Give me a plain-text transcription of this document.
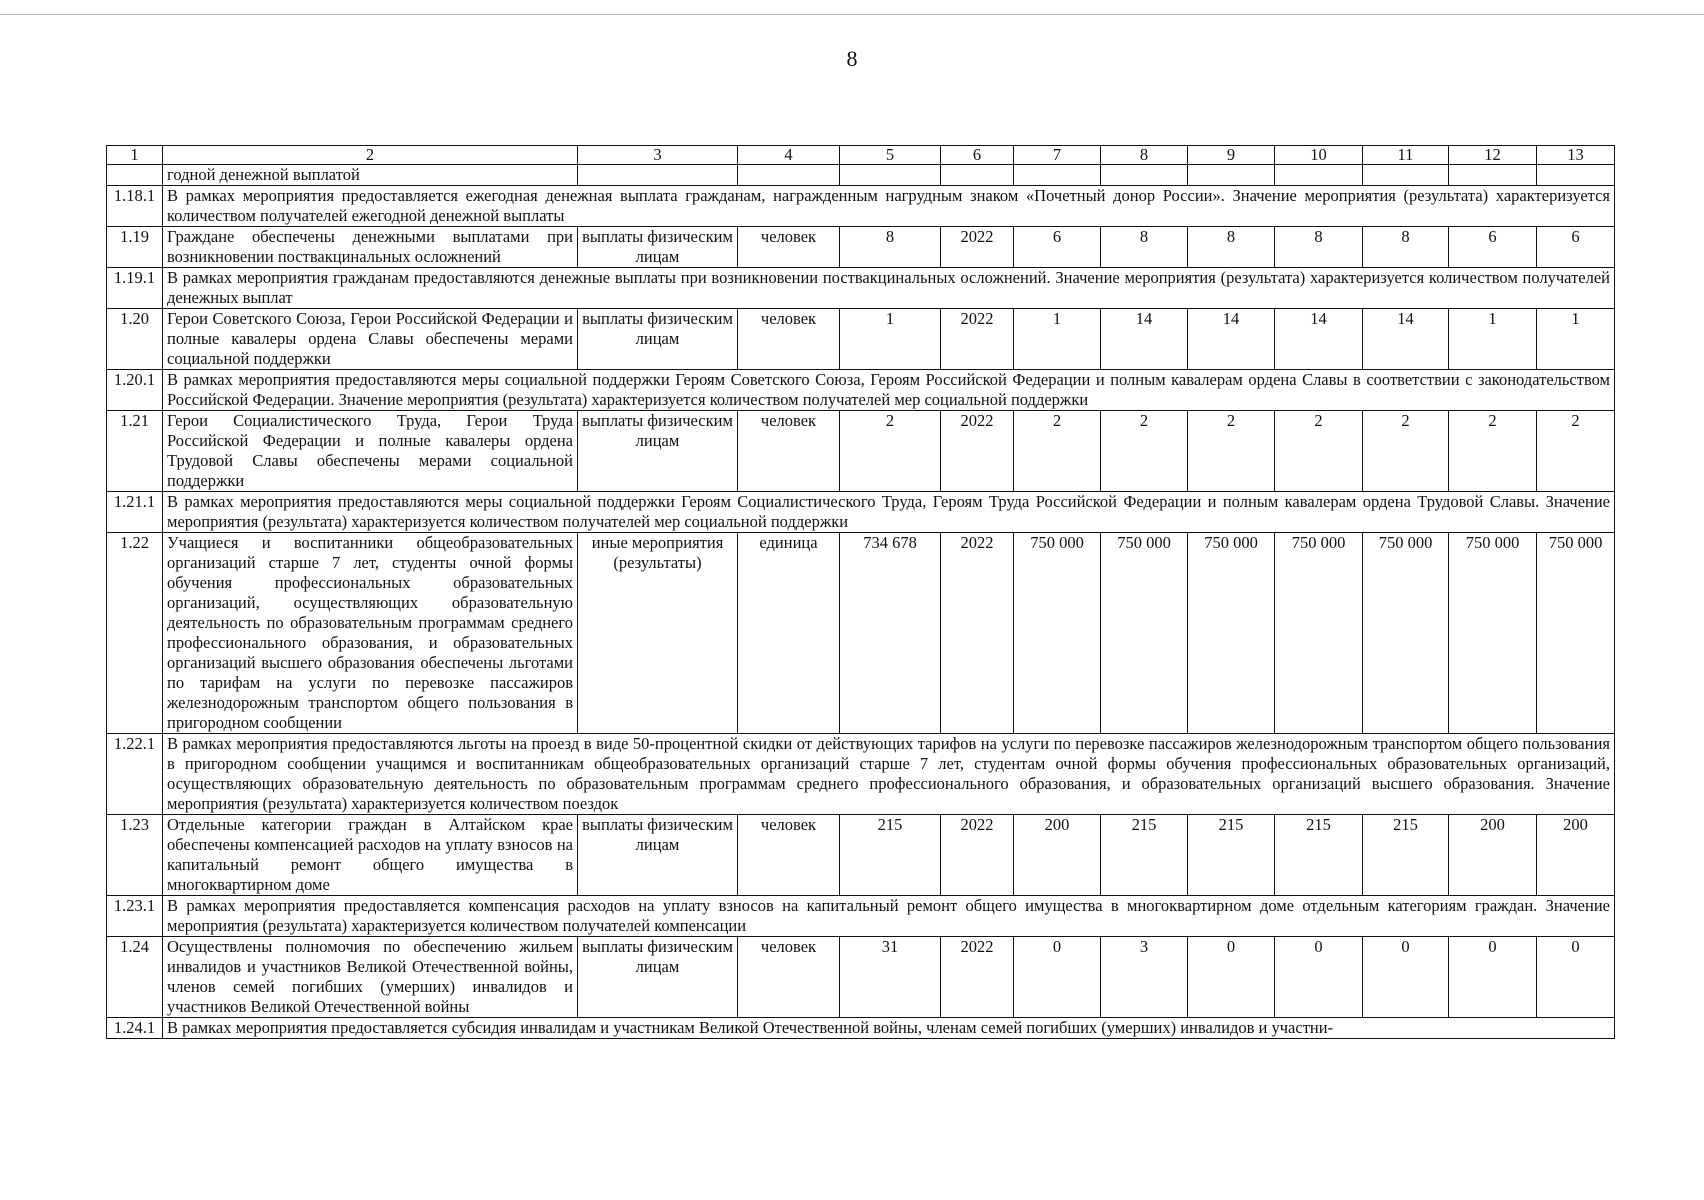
8
1	2	3	4	5	6	7	8	9	10	11	12	13
	годной денежной выплатой											
1.18.1	В рамках мероприятия предоставляется ежегодная денежная выплата гражданам, награжденным нагрудным знаком «Почетный донор России». Значение мероприятия (результата) характеризуется количеством получателей ежегодной денежной выплаты											
1.19	Граждане обеспечены денежными выплатами при возникновении поствакцинальных осложнений	выплаты физическим лицам	человек	8	2022	6	8	8	8	8	6	6
1.19.1	В рамках мероприятия гражданам предоставляются денежные выплаты при возникновении поствакцинальных осложнений. Значение мероприятия (результата) характеризуется количеством получателей денежных выплат											
1.20	Герои Советского Союза, Герои Российской Федерации и полные кавалеры ордена Славы обеспечены мерами социальной поддержки	выплаты физическим лицам	человек	1	2022	1	14	14	14	14	1	1
1.20.1	В рамках мероприятия предоставляются меры социальной поддержки Героям Советского Союза, Героям Российской Федерации и полным кавалерам ордена Славы в соответствии с законодательством Российской Федерации. Значение мероприятия (результата) характеризуется количеством получателей мер социальной поддержки											
1.21	Герои Социалистического Труда, Герои Труда Российской Федерации и полные кавалеры ордена Трудовой Славы обеспечены мерами социальной поддержки	выплаты физическим лицам	человек	2	2022	2	2	2	2	2	2	2
1.21.1	В рамках мероприятия предоставляются меры социальной поддержки Героям Социалистического Труда, Героям Труда Российской Федерации и полным кавалерам ордена Трудовой Славы. Значение мероприятия (результата) характеризуется количеством получателей мер социальной поддержки											
1.22	Учащиеся и воспитанники общеобразовательных организаций старше 7 лет, студенты очной формы обучения профессиональных образовательных организаций, осуществляющих образовательную деятельность по образовательным программам среднего профессионального образования, и образовательных организаций высшего образования обеспечены льготами по тарифам на услуги по перевозке пассажиров железнодорожным транспортом общего пользования в пригородном сообщении	иные мероприятия (результаты)	единица	734 678	2022	750 000	750 000	750 000	750 000	750 000	750 000	750 000
1.22.1	В рамках мероприятия предоставляются льготы на проезд в виде 50-процентной скидки от действующих тарифов на услуги по перевозке пассажиров железнодорожным транспортом общего пользования в пригородном сообщении учащимся и воспитанникам общеобразовательных организаций старше 7 лет, студентам очной формы обучения профессиональных образовательных организаций, осуществляющих образовательную деятельность по образовательным программам среднего профессионального образования, и образовательных организаций высшего образования. Значение мероприятия (результата) характеризуется количеством поездок											
1.23	Отдельные категории граждан в Алтайском крае обеспечены компенсацией расходов на уплату взносов на капитальный ремонт общего имущества в многоквартирном доме	выплаты физическим лицам	человек	215	2022	200	215	215	215	215	200	200
1.23.1	В рамках мероприятия предоставляется компенсация расходов на уплату взносов на капитальный ремонт общего имущества в многоквартирном доме отдельным категориям граждан. Значение мероприятия (результата) характеризуется количеством получателей компенсации											
1.24	Осуществлены полномочия по обеспечению жильем инвалидов и участников Великой Отечественной войны, членов семей погибших (умерших) инвалидов и участников Великой Отечественной войны	выплаты физическим лицам	человек	31	2022	0	3	0	0	0	0	0
1.24.1	В рамках мероприятия предоставляется субсидия инвалидам и участникам Великой Отечественной войны, членам семей погибших (умерших) инвалидов и участни-											
